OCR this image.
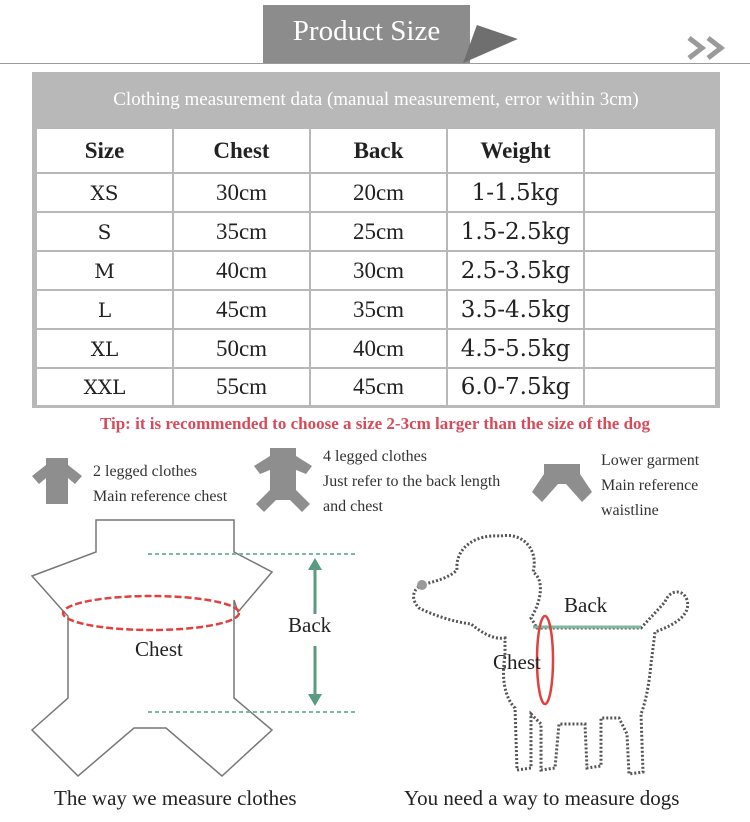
Product Size
Clothing measurement data (manual measurement, error within 3cm)
Size	Chest	Back	Weight
XS	30cm	20cm	1-1.5kg
S	35cm	25cm	1.5-2.5kg
M	40cm	30cm	2.5-3.5kg
L	45cm	35cm	3.5-4.5kg
XL	50cm	40cm	4.5-5.5kg
XXL	55cm	45cm	6.0-7.5kg
Tip: it is recommended to choose a size 2-3cm larger than the size of the dog
2 legged clothes
Main reference chest
4 legged clothes
Just refer to the back length
and chest
Lower garment
Main reference
waistline
Chest
Back
The way we measure clothes
Back
Chest
You need a way to measure dogs
